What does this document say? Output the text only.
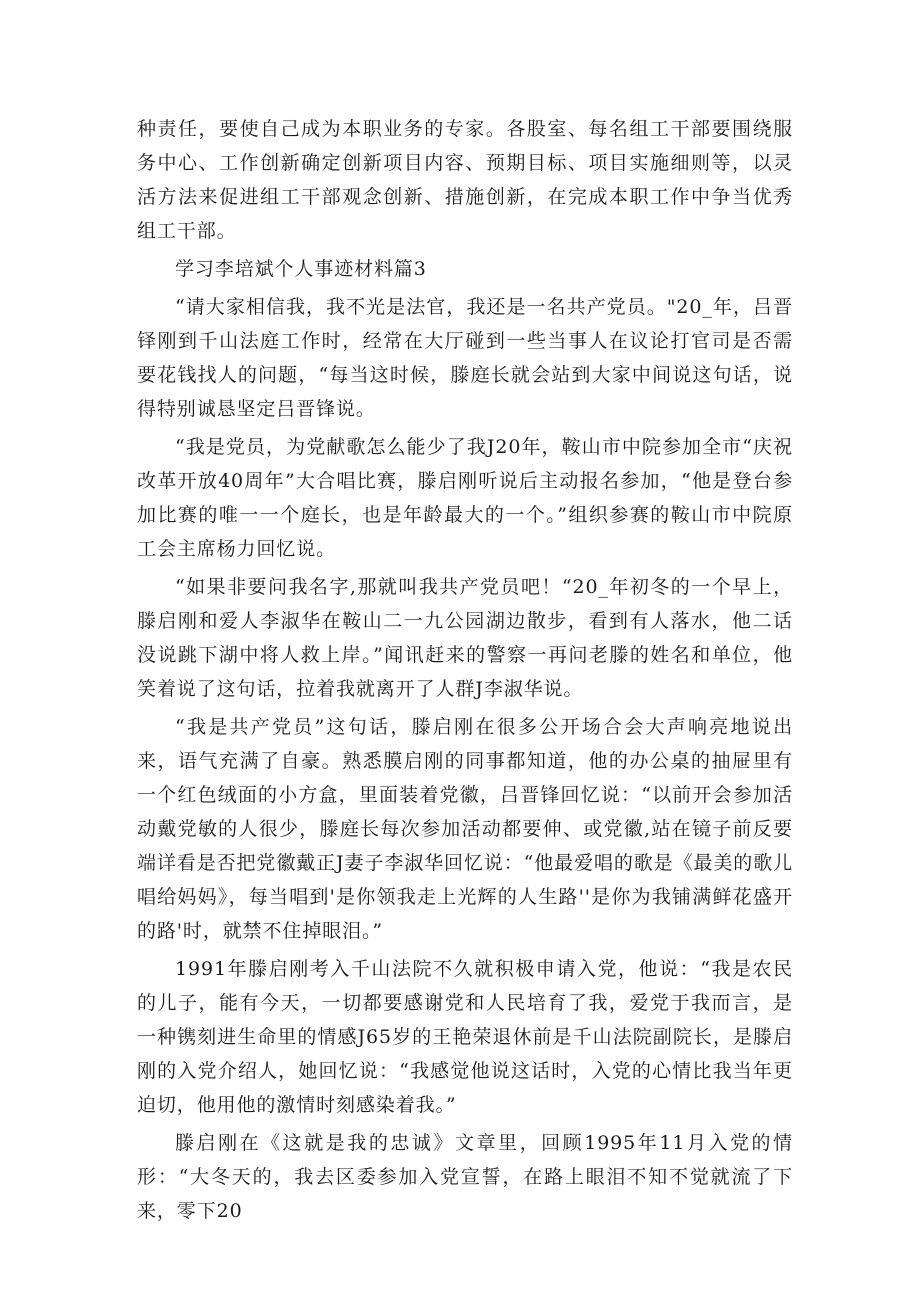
种责任，要使自己成为本职业务的专家。各股室、每名组工干部要围绕服务中心、工作创新确定创新项目内容、预期目标、项目实施细则等，以灵活方法来促进组工干部观念创新、措施创新，在完成本职工作中争当优秀组工干部。

学习李培斌个人事迹材料篇3

“请大家相信我，我不光是法官，我还是一名共产党员。"20_年，吕晋铎刚到千山法庭工作时，经常在大厅碰到一些当事人在议论打官司是否需要花钱找人的问题，“每当这时候，滕庭长就会站到大家中间说这句话，说得特别诚恳坚定吕晋锋说。

“我是党员，为党献歌怎么能少了我J20年，鞍山市中院参加全市“庆祝改革开放40周年”大合唱比赛，滕启刚听说后主动报名参加，“他是登台参加比赛的唯一一个庭长，也是年龄最大的一个。”组织参赛的鞍山市中院原工会主席杨力回忆说。

“如果非要问我名字,那就叫我共产党员吧！“20_年初冬的一个早上，滕启刚和爱人李淑华在鞍山二一九公园湖边散步，看到有人落水，他二话没说跳下湖中将人救上岸。”闻讯赶来的警察一再问老滕的姓名和单位，他笑着说了这句话，拉着我就离开了人群J李淑华说。

“我是共产党员”这句话，滕启刚在很多公开场合会大声响亮地说出来，语气充满了自豪。熟悉膜启刚的同事都知道，他的办公桌的抽屉里有一个红色绒面的小方盒，里面装着党徽，吕晋锋回忆说：“以前开会参加活动戴党敏的人很少，滕庭长每次参加活动都要伸、或党徽,站在镜子前反要端详看是否把党徽戴正J妻子李淑华回忆说：“他最爱唱的歌是《最美的歌儿唱给妈妈》，每当唱到'是你领我走上光辉的人生路''是你为我铺满鲜花盛开的路'时，就禁不住掉眼泪。”

1991年滕启刚考入千山法院不久就积极申请入党，他说：“我是农民的儿子，能有今天，一切都要感谢党和人民培育了我，爱党于我而言，是一种镌刻进生命里的情感J65岁的王艳荣退休前是千山法院副院长，是滕启刚的入党介绍人，她回忆说：“我感觉他说这话时，入党的心情比我当年更迫切，他用他的激情时刻感染着我。”

滕启刚在《这就是我的忠诚》文章里，回顾1995年11月入党的情形：“大冬天的，我去区委参加入党宣誓，在路上眼泪不知不觉就流了下来，零下20
